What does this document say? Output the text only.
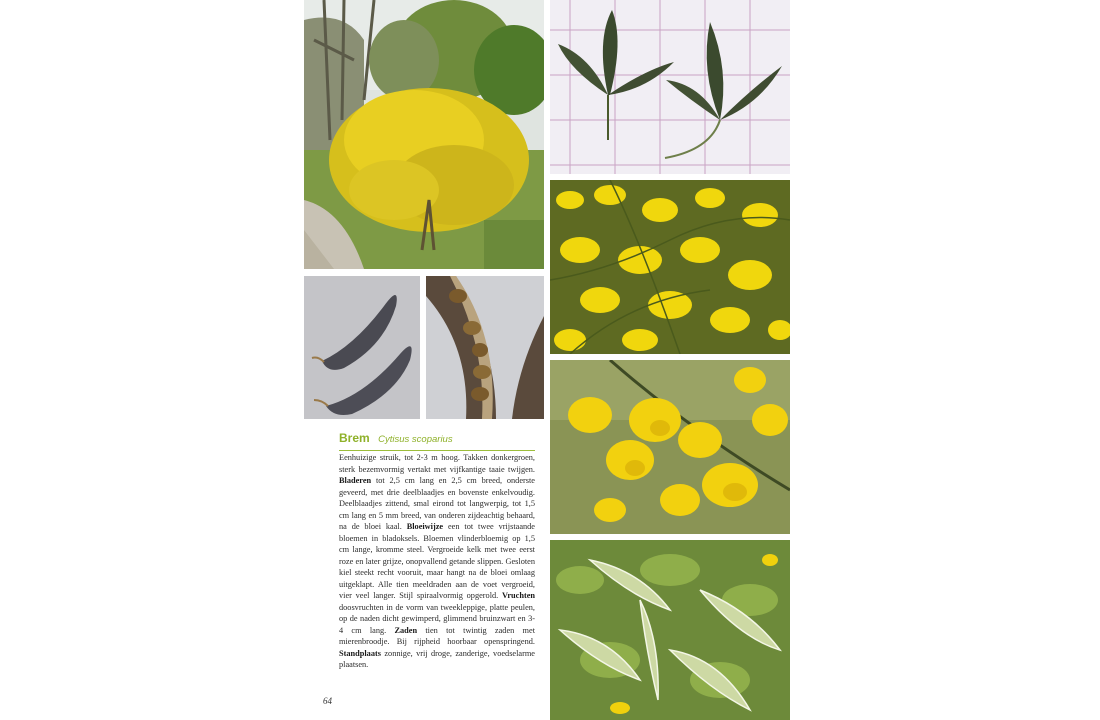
Brem Cytisus scoparius

Eenhuizige struik, tot 2-3 m hoog. Takken donkergroen, sterk bezemvormig vertakt met vijfkantige taaie twijgen. Bladeren tot 2,5 cm lang en 2,5 cm breed, onderste geveerd, met drie deelblaadjes en bovenste enkelvoudig. Deelblaadjes zittend, smal eirond tot langwerpig, tot 1,5 cm lang en 5 mm breed, van onderen zijdeachtig behaard, na de bloei kaal. Bloeiwijze een tot twee vrijstaande bloemen in bladoksels. Bloemen vlinderbloemig op 1,5 cm lange, kromme steel. Vergroeide kelk met twee eerst roze en later grijze, onopvallend getande slippen. Gesloten kiel steekt recht vooruit, maar hangt na de bloei omlaag uitgeklapt. Alle tien meeldraden aan de voet vergroeid, vier veel langer. Stijl spiraalvormig opgerold. Vruchten doosvruchten in de vorm van tweekleppige, platte peulen, op de naden dicht gewimperd, glimmend bruinzwart en 3-4 cm lang. Zaden tien tot twintig zaden met mierenbroodje. Bij rijpheid hoorbaar openspringend. Standplaats zonnige, vrij droge, zanderige, voedselarme plaatsen.

64
